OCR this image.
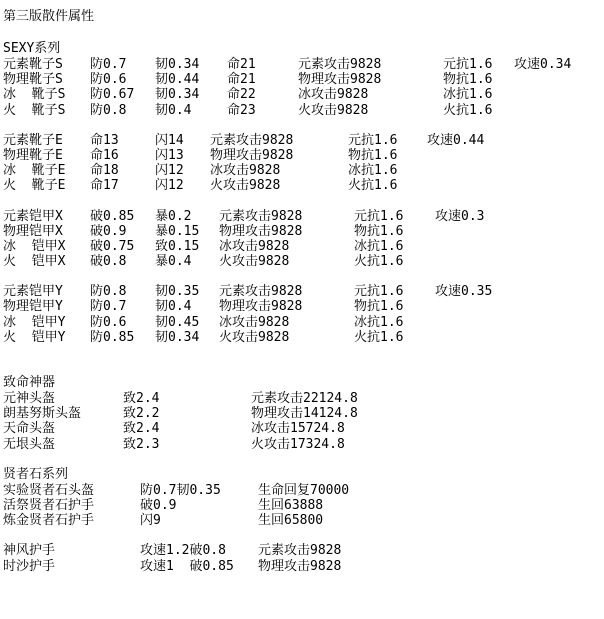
第三版散件属性
SEXY系列
元素靴子S 防0.7 韧0.34 命21	元素攻击9828	元抗1.6 攻速0.34
物理靴子S 防0.6 韧0.44 命21	物理攻击9828	物抗1.6
冰  靴子S 防0.67 韧0.34 命22	冰攻击9828	冰抗1.6
火  靴子S 防0.8 韧0.4	命23	火攻击9828	火抗1.6
元素靴子E 命13	闪14 元素攻击9828	元抗1.6 攻速0.44
物理靴子E 命16	闪13 物理攻击9828	物抗1.6
冰  靴子E 命18	闪12 冰攻击9828	冰抗1.6
火  靴子E 命17	闪12 火攻击9828	火抗1.6
元素铠甲X 破0.85 暴0.2 元素攻击9828	元抗1.6 攻速0.3
物理铠甲X 破0.9 暴0.15 物理攻击9828	物抗1.6
冰  铠甲X 破0.75 致0.15 冰攻击9828	冰抗1.6
火  铠甲X 破0.8 暴0.4 火攻击9828	火抗1.6
元素铠甲Y 防0.8 韧0.35 元素攻击9828	元抗1.6 攻速0.35
物理铠甲Y 防0.7 韧0.4 物理攻击9828	物抗1.6
冰  铠甲Y 防0.6 韧0.45 冰攻击9828	冰抗1.6
火  铠甲Y 防0.85 韧0.34 火攻击9828	火抗1.6
致命神器
元神头盔	致2.4	元素攻击22124.8
朗基努斯头盔	致2.2	物理攻击14124.8
天命头盔	致2.4	冰攻击15724.8
无垠头盔	致2.3	火攻击17324.8
贤者石系列
实验贤者石头盔	防0.7韧0.35	生命回复70000
活祭贤者石护手	破0.9	生回63888
炼金贤者石护手	闪9	生回65800
神风护手	攻速1.2破0.8 元素攻击9828
时沙护手	攻速1  破0.85 物理攻击9828
